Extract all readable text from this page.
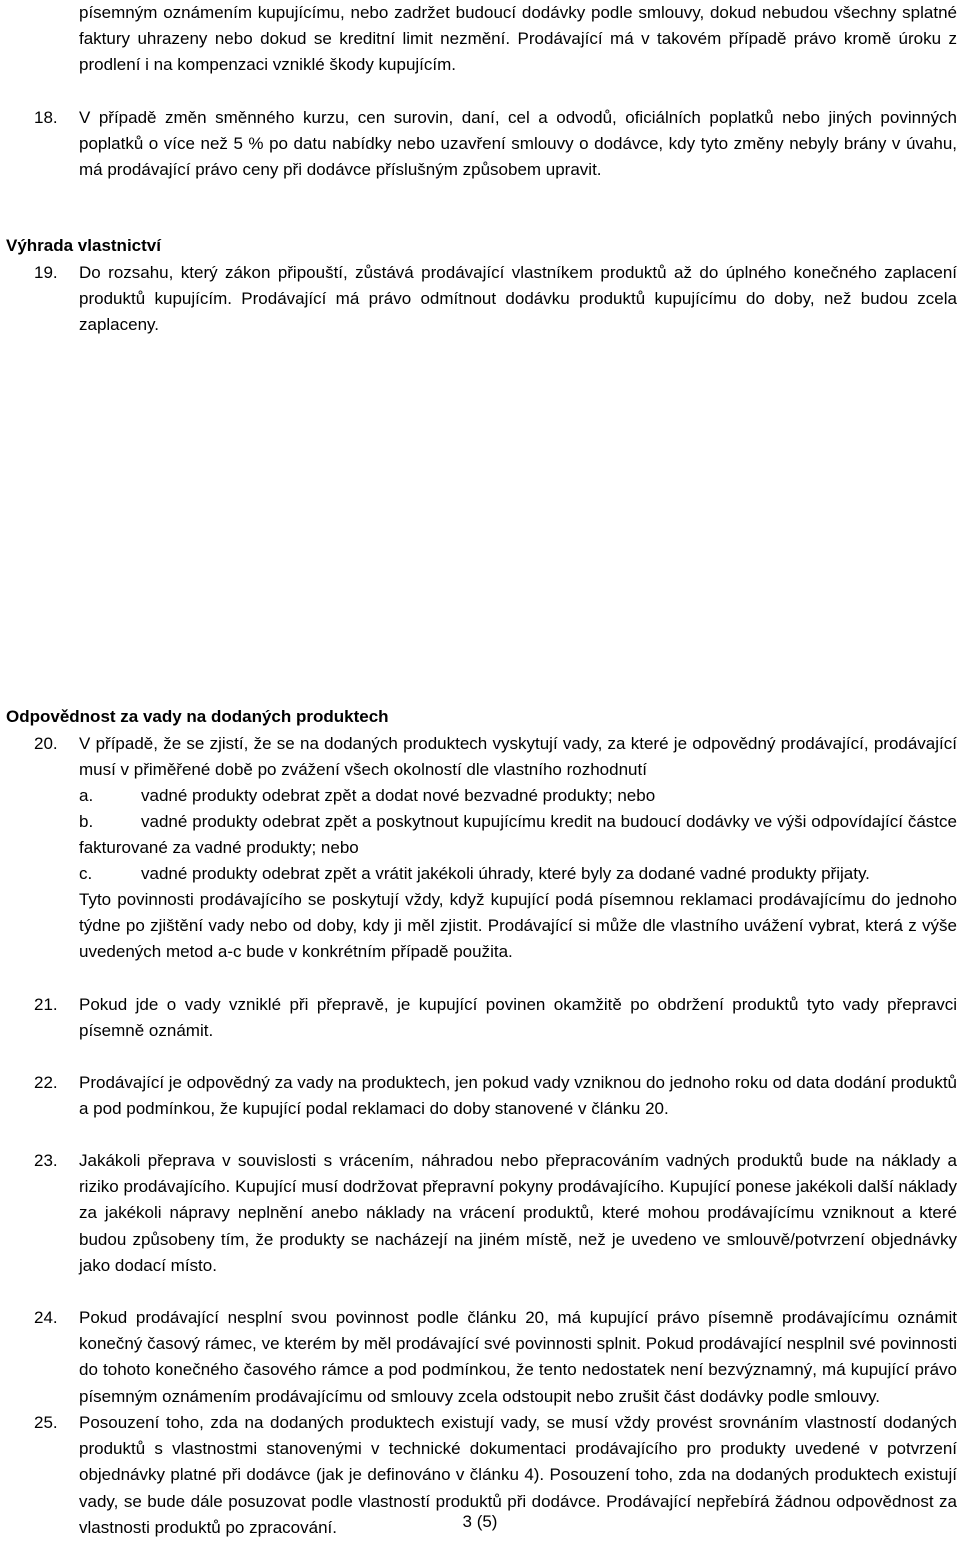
písemným oznámením kupujícímu, nebo zadržet budoucí dodávky podle smlouvy, dokud nebudou všechny splatné faktury uhrazeny nebo dokud se kreditní limit nezmění. Prodávající má v takovém případě právo kromě úroku z prodlení i na kompenzaci vzniklé škody kupujícím.

18. V případě změn směnného kurzu, cen surovin, daní, cel a odvodů, oficiálních poplatků nebo jiných povinných poplatků o více než 5 % po datu nabídky nebo uzavření smlouvy o dodávce, kdy tyto změny nebyly brány v úvahu, má prodávající právo ceny při dodávce příslušným způsobem upravit.

Výhrada vlastnictví

19. Do rozsahu, který zákon připouští, zůstává prodávající vlastníkem produktů až do úplného konečného zaplacení produktů kupujícím. Prodávající má právo odmítnout dodávku produktů kupujícímu do doby, než budou zcela zaplaceny.

Odpovědnost za vady na dodaných produktech

20. V případě, že se zjistí, že se na dodaných produktech vyskytují vady, za které je odpovědný prodávající, prodávající musí v přiměřené době po zvážení všech okolností dle vlastního rozhodnutí

a.	vadné produkty odebrat zpět a dodat nové bezvadné produkty; nebo

b.	vadné produkty odebrat zpět a poskytnout kupujícímu kredit na budoucí dodávky ve výši odpovídající částce fakturované za vadné produkty; nebo

c.	vadné produkty odebrat zpět a vrátit jakékoli úhrady, které byly za dodané vadné produkty přijaty.

Tyto povinnosti prodávajícího se poskytují vždy, když kupující podá písemnou reklamaci prodávajícímu do jednoho týdne po zjištění vady nebo od doby, kdy ji měl zjistit. Prodávající si může dle vlastního uvážení vybrat, která z výše uvedených metod a-c bude v konkrétním případě použita.

21. Pokud jde o vady vzniklé při přepravě, je kupující povinen okamžitě po obdržení produktů tyto vady přepravci písemně oznámit.

22. Prodávající je odpovědný za vady na produktech, jen pokud vady vzniknou do jednoho roku od data dodání produktů a pod podmínkou, že kupující podal reklamaci do doby stanovené v článku 20.

23. Jakákoli přeprava v souvislosti s vrácením, náhradou nebo přepracováním vadných produktů bude na náklady a riziko prodávajícího. Kupující musí dodržovat přepravní pokyny prodávajícího. Kupující ponese jakékoli další náklady za jakékoli nápravy neplnění anebo náklady na vrácení produktů, které mohou prodávajícímu vzniknout a které budou způsobeny tím, že produkty se nacházejí na jiném místě, než je uvedeno ve smlouvě/potvrzení objednávky jako dodací místo.

24. Pokud prodávající nesplní svou povinnost podle článku 20, má kupující právo písemně prodávajícímu oznámit konečný časový rámec, ve kterém by měl prodávající své povinnosti splnit. Pokud prodávající nesplnil své povinnosti do tohoto konečného časového rámce a pod podmínkou, že tento nedostatek není bezvýznamný, má kupující právo písemným oznámením prodávajícímu od smlouvy zcela odstoupit nebo zrušit část dodávky podle smlouvy.

25. Posouzení toho, zda na dodaných produktech existují vady, se musí vždy provést srovnáním vlastností dodaných produktů s vlastnostmi stanovenými v technické dokumentaci prodávajícího pro produkty uvedené v potvrzení objednávky platné při dodávce (jak je definováno v článku 4). Posouzení toho, zda na dodaných produktech existují vady, se bude dále posuzovat podle vlastností produktů při dodávce. Prodávající nepřebírá žádnou odpovědnost za vlastnosti produktů po zpracování.	3 (5)
